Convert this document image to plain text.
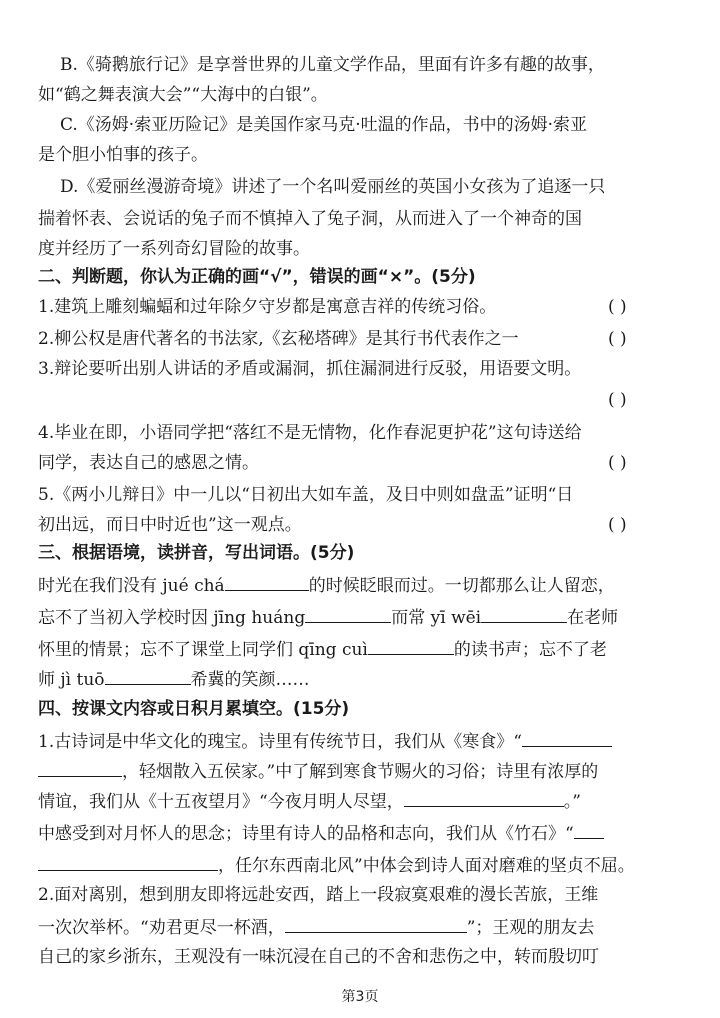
B.《骑鹅旅行记》是享誉世界的儿童文学作品，里面有许多有趣的故事，
如“鹤之舞表演大会”“大海中的白银”。
C.《汤姆·索亚历险记》是美国作家马克·吐温的作品，书中的汤姆·索亚
是个胆小怕事的孩子。
D.《爱丽丝漫游奇境》讲述了一个名叫爱丽丝的英国小女孩为了追逐一只
揣着怀表、会说话的兔子而不慎掉入了兔子洞，从而进入了一个神奇的国
度并经历了一系列奇幻冒险的故事。
二、判断题，你认为正确的画“√”，错误的画“×”。(5分)
1.建筑上雕刻蝙蝠和过年除夕守岁都是寓意吉祥的传统习俗。	( )
2.柳公权是唐代著名的书法家,《玄秘塔碑》是其行书代表作之一	( )
3.辩论要听出别人讲话的矛盾或漏洞，抓住漏洞进行反驳，用语要文明。
( )
4.毕业在即，小语同学把“落红不是无情物，化作春泥更护花”这句诗送给
同学，表达自己的感恩之情。	( )
5.《两小儿辩日》中一儿以“日初出大如车盖，及日中则如盘盂”证明“日
初出远，而日中时近也”这一观点。	( )
三、根据语境，读拼音，写出词语。(5分)
时光在我们没有 jué chá	的时候眨眼而过。一切都那么让人留恋，
忘不了当初入学校时因 jīng huáng	而常 yī wēi	在老师
怀里的情景；忘不了课堂上同学们 qīng cuì	的读书声；忘不了老
师 jì tuō	希冀的笑颜……
四、按课文内容或日积月累填空。(15分)
1.古诗词是中华文化的瑰宝。诗里有传统节日，我们从《寒食》“
，轻烟散入五侯家。”中了解到寒食节赐火的习俗；诗里有浓厚的
情谊，我们从《十五夜望月》“今夜月明人尽望，	。”
中感受到对月怀人的思念；诗里有诗人的品格和志向，我们从《竹石》“
，任尔东西南北风”中体会到诗人面对磨难的坚贞不屈。
2.面对离别，想到朋友即将远赴安西，踏上一段寂寞艰难的漫长苦旅，王维
一次次举杯。“劝君更尽一杯酒，	”；王观的朋友去
自己的家乡浙东，王观没有一味沉浸在自己的不舍和悲伤之中，转而殷切叮
第3页
